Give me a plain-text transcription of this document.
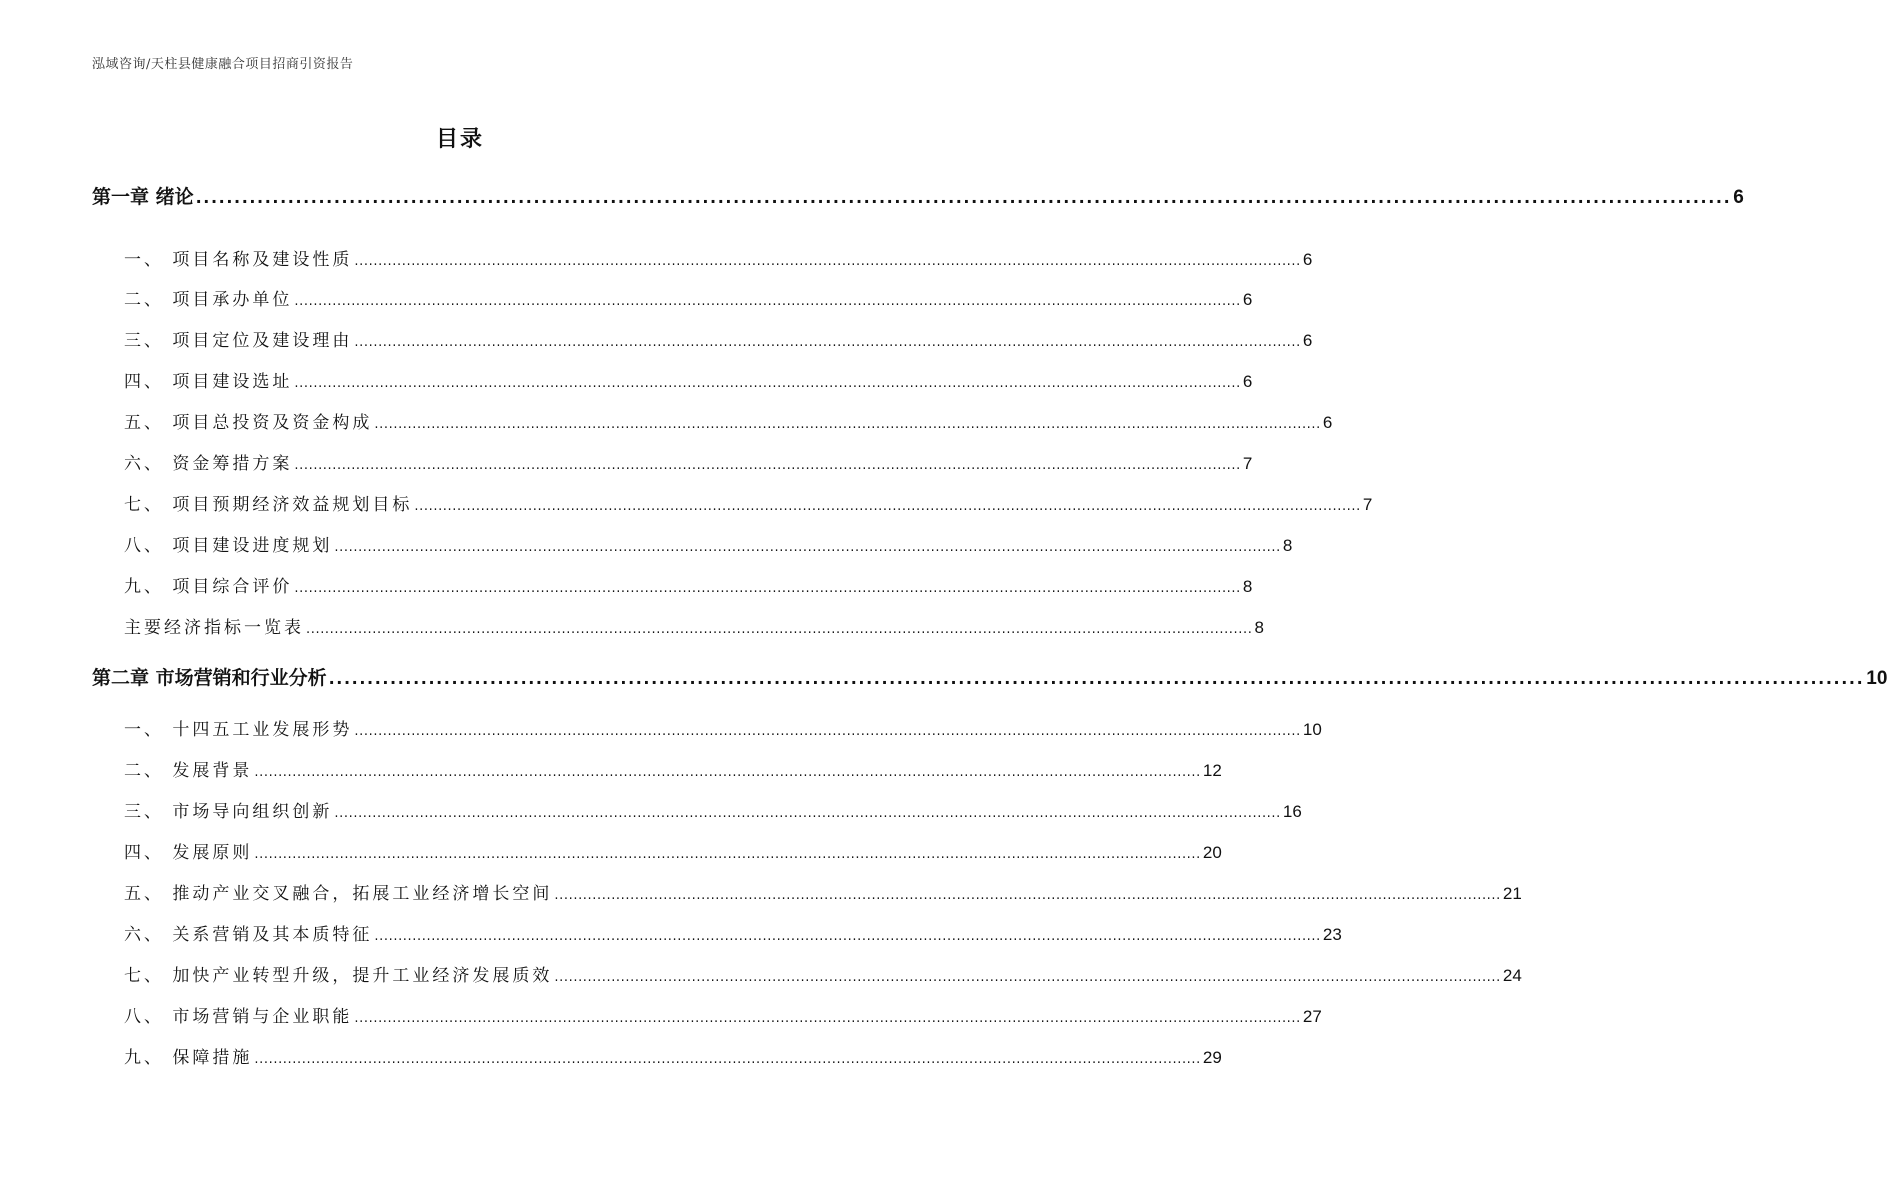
泓域咨询/天柱县健康融合项目招商引资报告
目录
第一章 绪论 ........................................................................................................................................................................................................ 6
一、 项目名称及建设性质 ........................................................................................................................................................................................................ 6
二、 项目承办单位 ........................................................................................................................................................................................................ 6
三、 项目定位及建设理由 ........................................................................................................................................................................................................ 6
四、 项目建设选址 ........................................................................................................................................................................................................ 6
五、 项目总投资及资金构成 ........................................................................................................................................................................................................ 6
六、 资金筹措方案 ........................................................................................................................................................................................................ 7
七、 项目预期经济效益规划目标 ........................................................................................................................................................................................................ 7
八、 项目建设进度规划 ........................................................................................................................................................................................................ 8
九、 项目综合评价 ........................................................................................................................................................................................................ 8
主要经济指标一览表 ........................................................................................................................................................................................................ 8
第二章 市场营销和行业分析 ........................................................................................................................................................................................................ 10
一、 十四五工业发展形势 ........................................................................................................................................................................................................ 10
二、 发展背景 ........................................................................................................................................................................................................ 12
三、 市场导向组织创新 ........................................................................................................................................................................................................ 16
四、 发展原则 ........................................................................................................................................................................................................ 20
五、 推动产业交叉融合，拓展工业经济增长空间 ........................................................................................................................................................................................................ 21
六、 关系营销及其本质特征 ........................................................................................................................................................................................................ 23
七、 加快产业转型升级，提升工业经济发展质效 ........................................................................................................................................................................................................ 24
八、 市场营销与企业职能 ........................................................................................................................................................................................................ 27
九、 保障措施 ........................................................................................................................................................................................................ 29
